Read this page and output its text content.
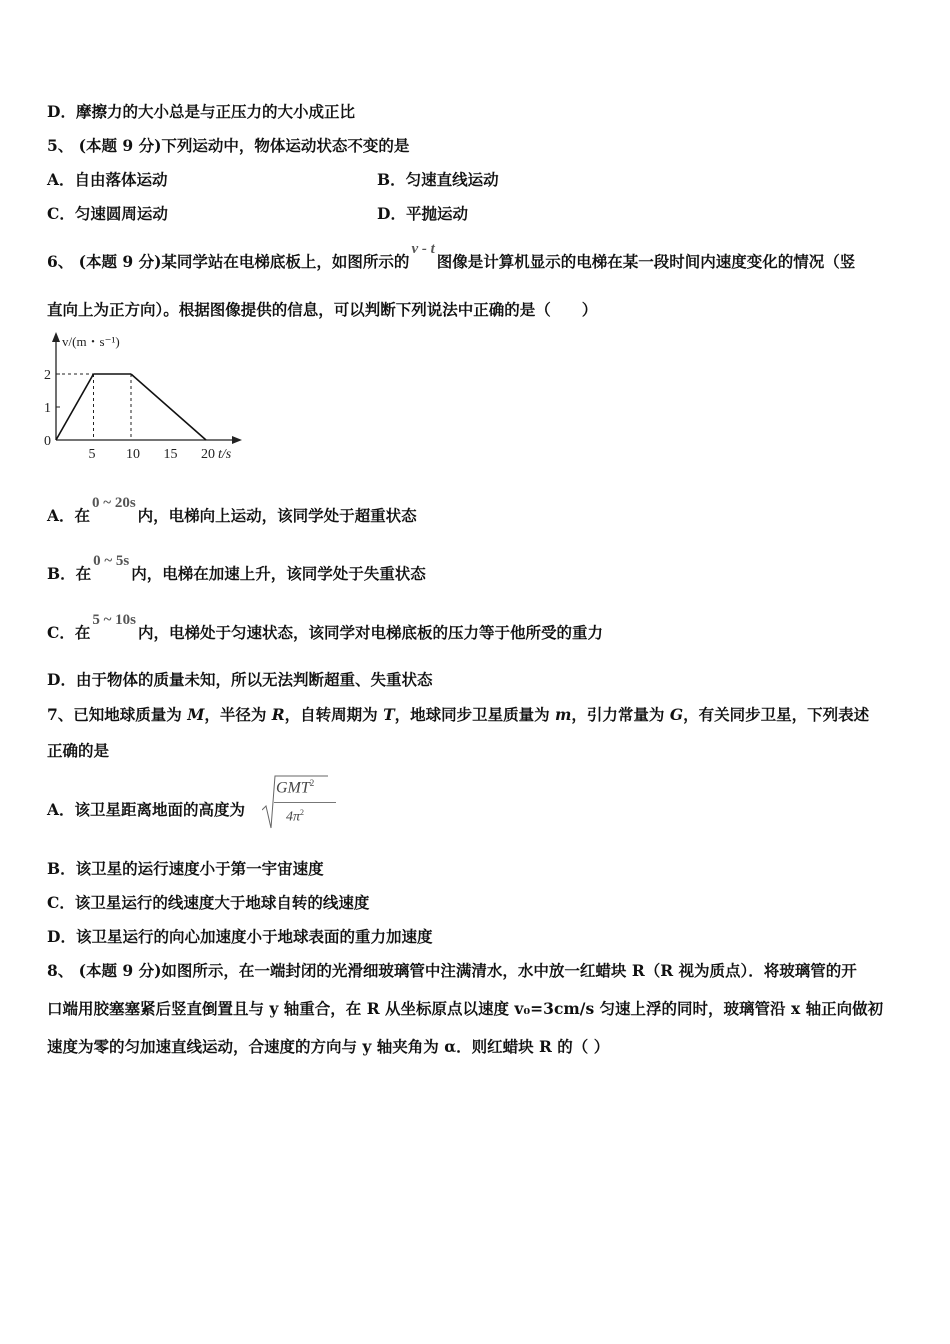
D．摩擦力的大小总是与正压力的大小成正比
5、 (本题 9 分)下列运动中，物体运动状态不变的是
A．自由落体运动	B．匀速直线运动
C．匀速圆周运动	D．平抛运动
6、 (本题 9 分)某同学站在电梯底板上，如图所示的v - t图像是计算机显示的电梯在某一段时间内速度变化的情况（竖
直向上为正方向）。根据图像提供的信息，可以判断下列说法中正确的是（　　）
v/(m・s⁻¹)
t/s
0
5 10 15 20
1
2
A．在0 ~ 20s内，电梯向上运动，该同学处于超重状态
B．在0 ~ 5s内，电梯在加速上升，该同学处于失重状态
C．在5 ~ 10s内，电梯处于匀速状态，该同学对电梯底板的压力等于他所受的重力
D．由于物体的质量未知，所以无法判断超重、失重状态
7、已知地球质量为 M，半径为 R，自转周期为 T，地球同步卫星质量为 m，引力常量为 G，有关同步卫星，下列表述
正确的是
A．该卫星距离地面的高度为
GMT$^2$
$4\pi^2$
B．该卫星的运行速度小于第一宇宙速度
C．该卫星运行的线速度大于地球自转的线速度
D．该卫星运行的向心加速度小于地球表面的重力加速度
8、 (本题 9 分)如图所示，在一端封闭的光滑细玻璃管中注满清水，水中放一红蜡块 R（R 视为质点）．将玻璃管的开
口端用胶塞塞紧后竖直倒置且与 y 轴重合，在 R 从坐标原点以速度 v₀=3cm/s 匀速上浮的同时，玻璃管沿 x 轴正向做初
速度为零的匀加速直线运动，合速度的方向与 y 轴夹角为 α．则红蜡块 R 的（ ）
